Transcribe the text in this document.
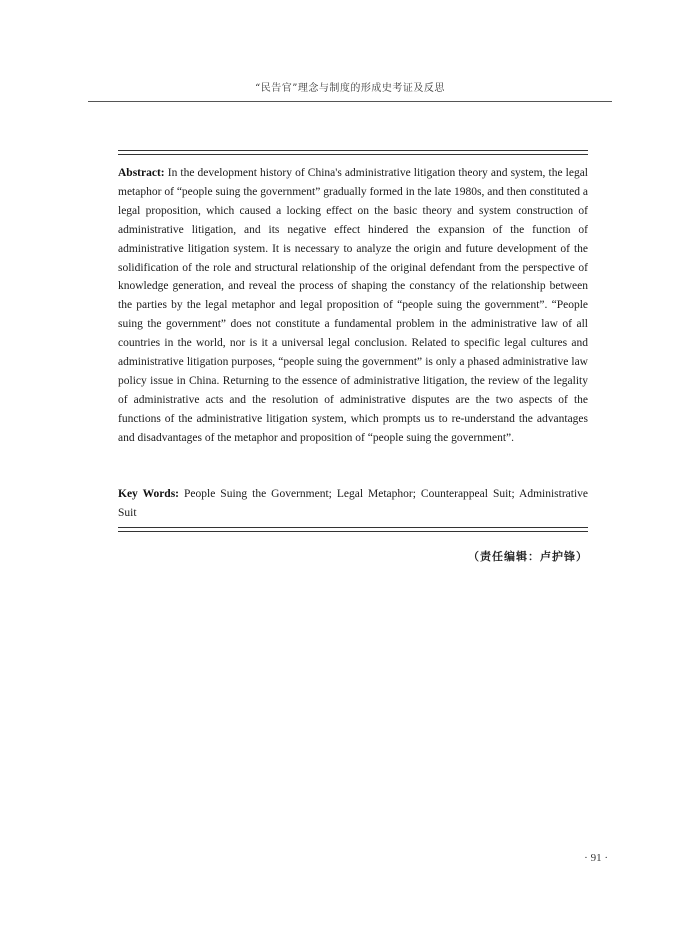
“民告官”理念与制度的形成史考证及反思
Abstract: In the development history of China's administrative litigation theory and system, the legal metaphor of “people suing the government” gradually formed in the late 1980s, and then constituted a legal proposition, which caused a locking effect on the basic theory and system construction of administrative litigation, and its negative effect hindered the expansion of the function of administrative litigation system. It is necessary to analyze the origin and future development of the solidification of the role and structural relationship of the original defendant from the perspective of knowledge generation, and reveal the process of shaping the constancy of the relationship between the parties by the legal metaphor and legal proposition of “people suing the government”. “People suing the government” does not constitute a fundamental problem in the administrative law of all countries in the world, nor is it a universal legal conclusion. Related to specific legal cultures and administrative litigation purposes, “people suing the government” is only a phased administrative law policy issue in China. Returning to the essence of administrative litigation, the review of the legality of administrative acts and the resolution of administrative disputes are the two aspects of the functions of the administrative litigation system, which prompts us to re-understand the advantages and disadvantages of the metaphor and proposition of “people suing the government”.
Key Words: People Suing the Government; Legal Metaphor; Counterappeal Suit; Administrative Suit
（责任编辑：卢护锋）
· 91 ·
